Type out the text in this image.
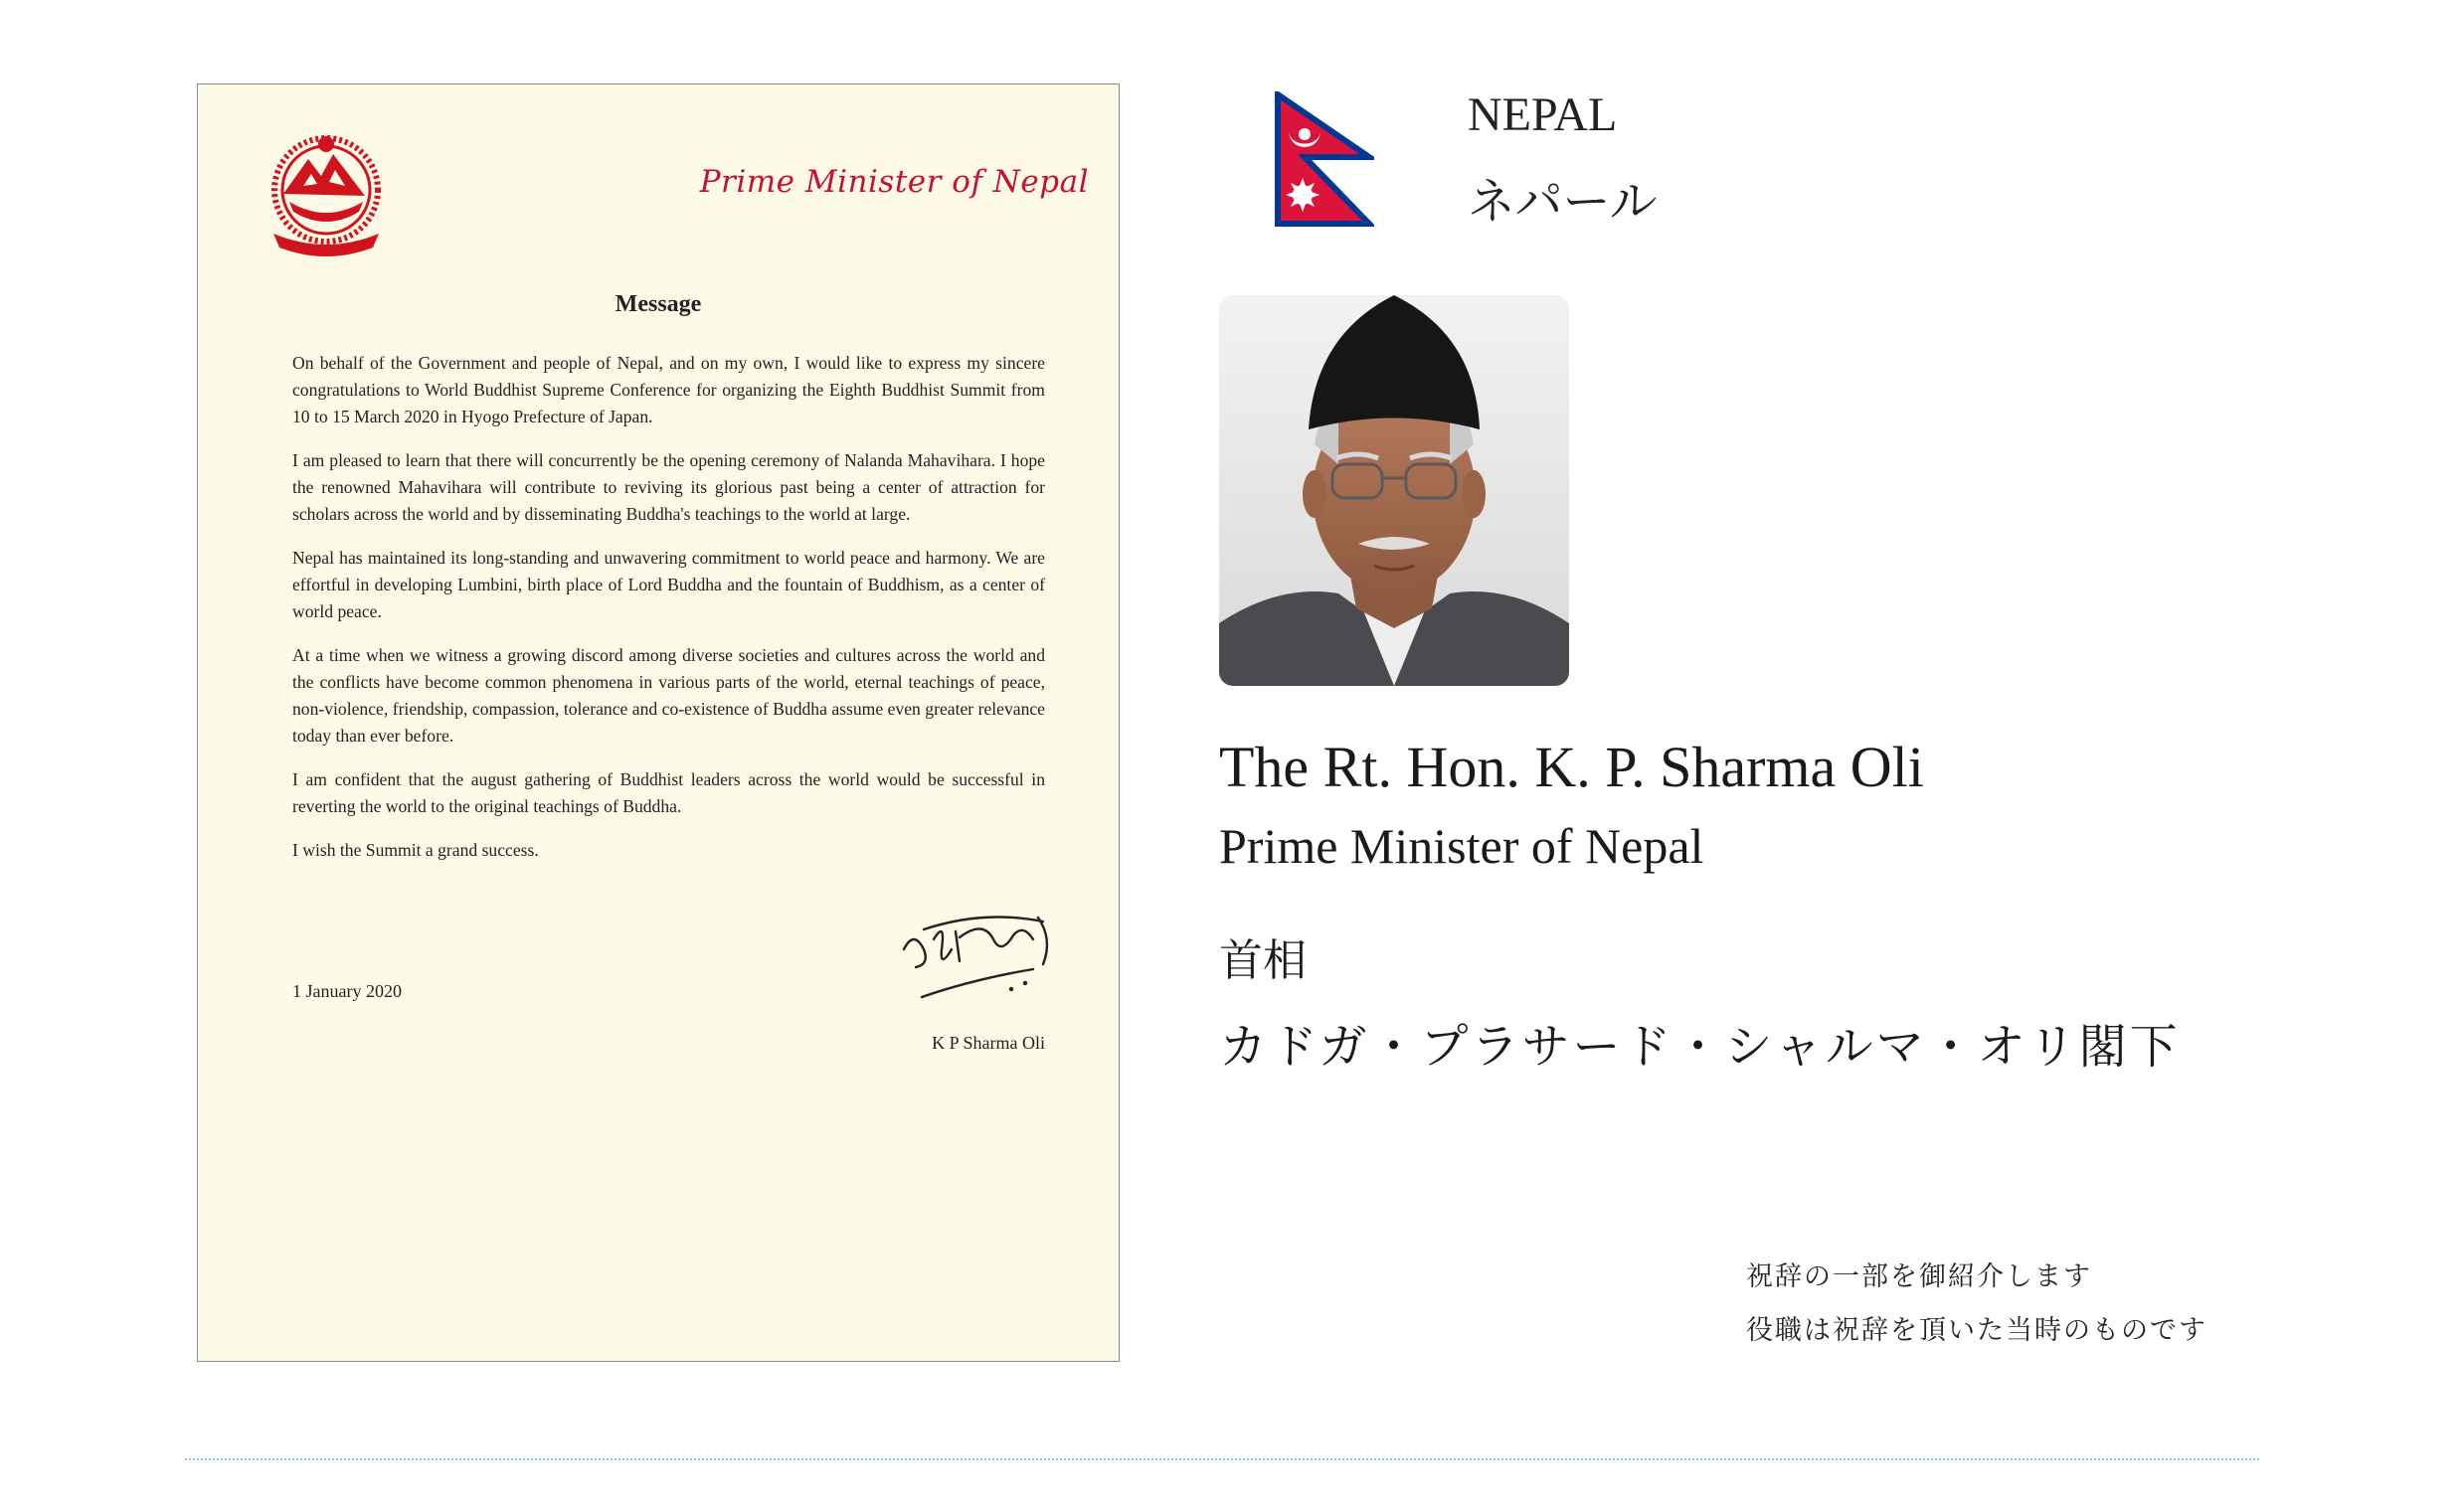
Prime Minister of Nepal
Message

On behalf of the Government and people of Nepal, and on my own, I would like to express my sincere congratulations to World Buddhist Supreme Conference for organizing the Eighth Buddhist Summit from 10 to 15 March 2020 in Hyogo Prefecture of Japan.

I am pleased to learn that there will concurrently be the opening ceremony of Nalanda Mahavihara. I hope the renowned Mahavihara will contribute to reviving its glorious past being a center of attraction for scholars across the world and by disseminating Buddha's teachings to the world at large.

Nepal has maintained its long-standing and unwavering commitment to world peace and harmony. We are effortful in developing Lumbini, birth place of Lord Buddha and the fountain of Buddhism, as a center of world peace.

At a time when we witness a growing discord among diverse societies and cultures across the world and the conflicts have become common phenomena in various parts of the world, eternal teachings of peace, non-violence, friendship, compassion, tolerance and co-existence of Buddha assume even greater relevance today than ever before.

I am confident that the august gathering of Buddhist leaders across the world would be successful in reverting the world to the original teachings of Buddha.

I wish the Summit a grand success.

1 January 2020
K P Sharma Oli
NEPAL
ネパール
The Rt. Hon. K. P. Sharma Oli
Prime Minister of Nepal
首相
カドガ・プラサード・シャルマ・オリ閣下
祝辞の一部を御紹介します
役職は祝辞を頂いた当時のものです
